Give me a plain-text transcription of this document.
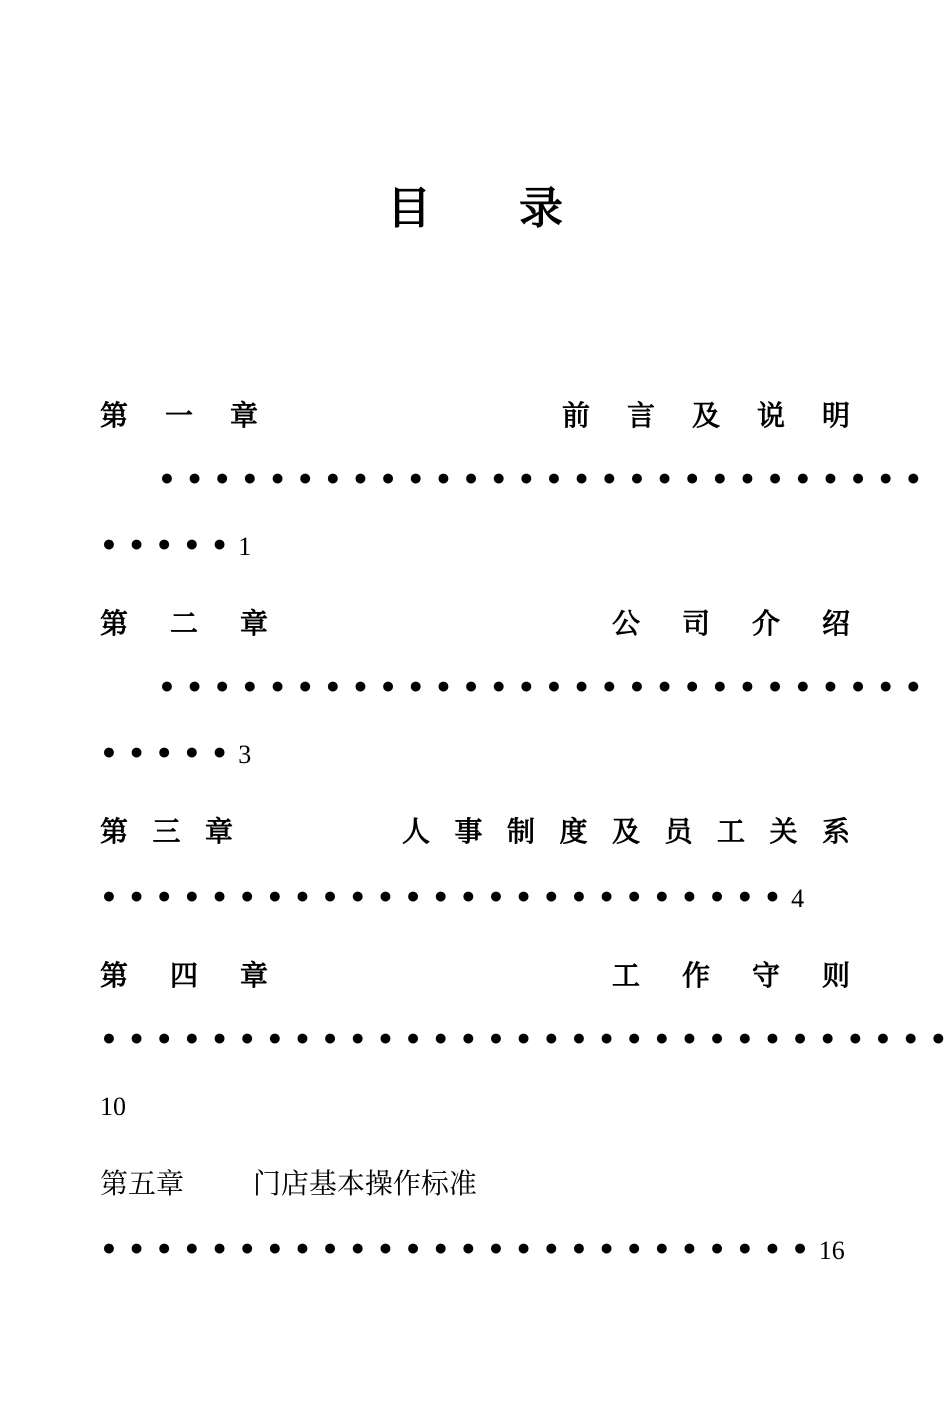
目　　录
第 一 章	前 言 及 说 明
• • • • • • • • • • • • • • • • • • • • • • • • • • • •
• • • • • 1
第 二 章	公 司 介 绍
• • • • • • • • • • • • • • • • • • • • • • • • • • • •
• • • • • 3
第 三 章	人 事 制 度 及 员 工 关 系
• • • • • • • • • • • • • • • • • • • • • • • • • 4
第 四 章	工 作 守 则
• • • • • • • • • • • • • • • • • • • • • • • • • • • • • • •
10
第五章 门店基本操作标准
• • • • • • • • • • • • • • • • • • • • • • • • • • 16
